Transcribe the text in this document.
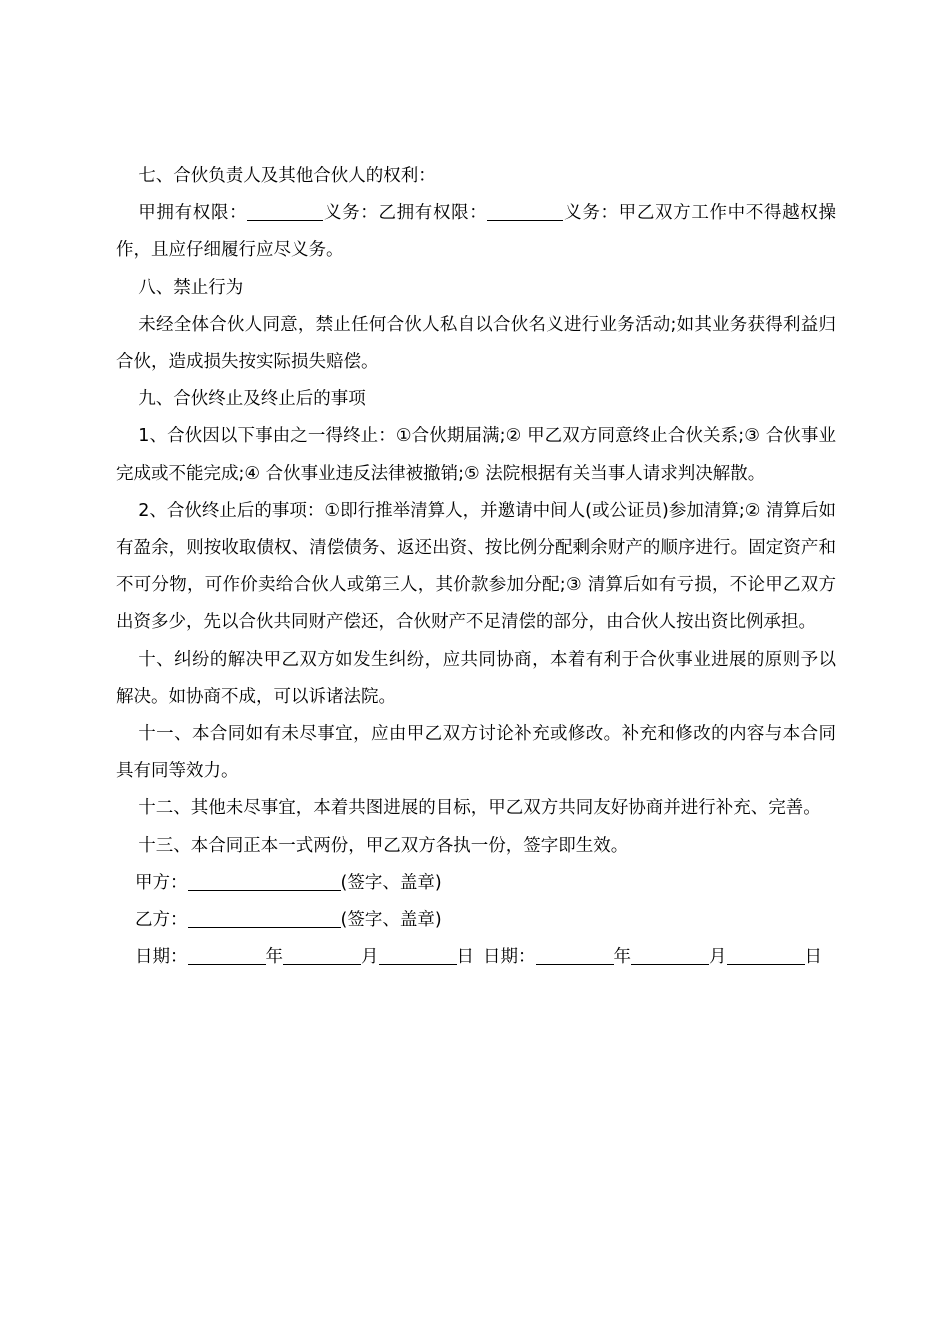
七、合伙负责人及其他合伙人的权利：

甲拥有权限：	义务：乙拥有权限：	义务：甲乙双方工作中不得越权操作，且应仔细履行应尽义务。

八、禁止行为

未经全体合伙人同意，禁止任何合伙人私自以合伙名义进行业务活动;如其业务获得利益归合伙，造成损失按实际损失赔偿。

九、合伙终止及终止后的事项

1、合伙因以下事由之一得终止：①合伙期届满;② 甲乙双方同意终止合伙关系;③ 合伙事业完成或不能完成;④ 合伙事业违反法律被撤销;⑤ 法院根据有关当事人请求判决解散。

2、合伙终止后的事项：①即行推举清算人，并邀请中间人(或公证员)参加清算;② 清算后如有盈余，则按收取债权、清偿债务、返还出资、按比例分配剩余财产的顺序进行。固定资产和不可分物，可作价卖给合伙人或第三人，其价款参加分配;③ 清算后如有亏损，不论甲乙双方出资多少，先以合伙共同财产偿还，合伙财产不足清偿的部分，由合伙人按出资比例承担。

十、纠纷的解决甲乙双方如发生纠纷，应共同协商，本着有利于合伙事业进展的原则予以解决。如协商不成，可以诉诸法院。

十一、本合同如有未尽事宜，应由甲乙双方讨论补充或修改。补充和修改的内容与本合同具有同等效力。

十二、其他未尽事宜，本着共图进展的目标，甲乙双方共同友好协商并进行补充、完善。

十三、本合同正本一式两份，甲乙双方各执一份，签字即生效。

甲方：	(签字、盖章)

乙方：	(签字、盖章)

日期：	年	月	日 日期：	年	月	日
